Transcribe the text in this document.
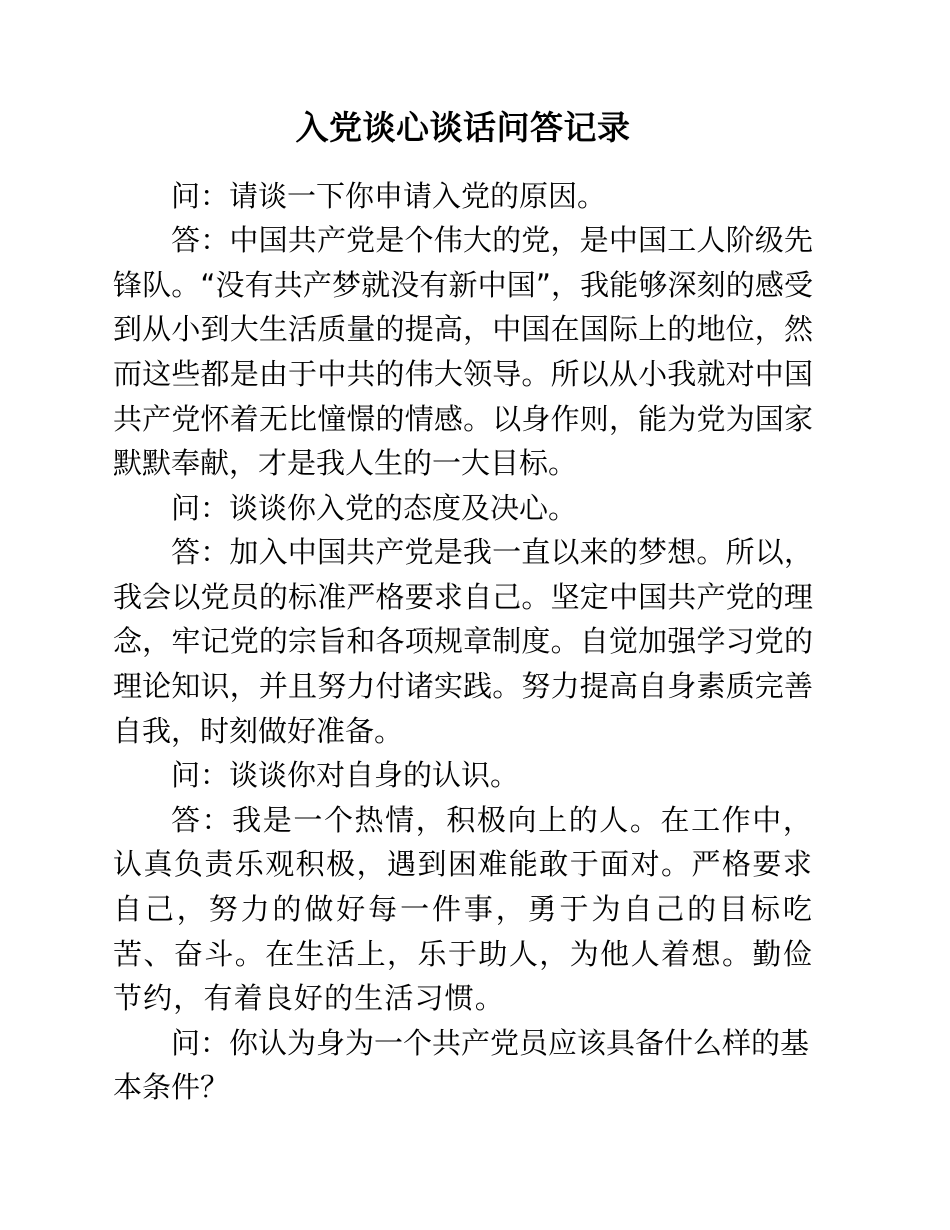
入党谈心谈话问答记录

问：请谈一下你申请入党的原因。

答：中国共产党是个伟大的党，是中国工人阶级先锋队。“没有共产梦就没有新中国”，我能够深刻的感受到从小到大生活质量的提高，中国在国际上的地位，然而这些都是由于中共的伟大领导。所以从小我就对中国共产党怀着无比憧憬的情感。以身作则，能为党为国家默默奉献，才是我人生的一大目标。

问：谈谈你入党的态度及决心。

答：加入中国共产党是我一直以来的梦想。所以，我会以党员的标准严格要求自己。坚定中国共产党的理念，牢记党的宗旨和各项规章制度。自觉加强学习党的理论知识，并且努力付诸实践。努力提高自身素质完善自我，时刻做好准备。

问：谈谈你对自身的认识。

答：我是一个热情，积极向上的人。在工作中，认真负责乐观积极，遇到困难能敢于面对。严格要求自己，努力的做好每一件事，勇于为自己的目标吃苦、奋斗。在生活上，乐于助人，为他人着想。勤俭节约，有着良好的生活习惯。

问：你认为身为一个共产党员应该具备什么样的基本条件？
